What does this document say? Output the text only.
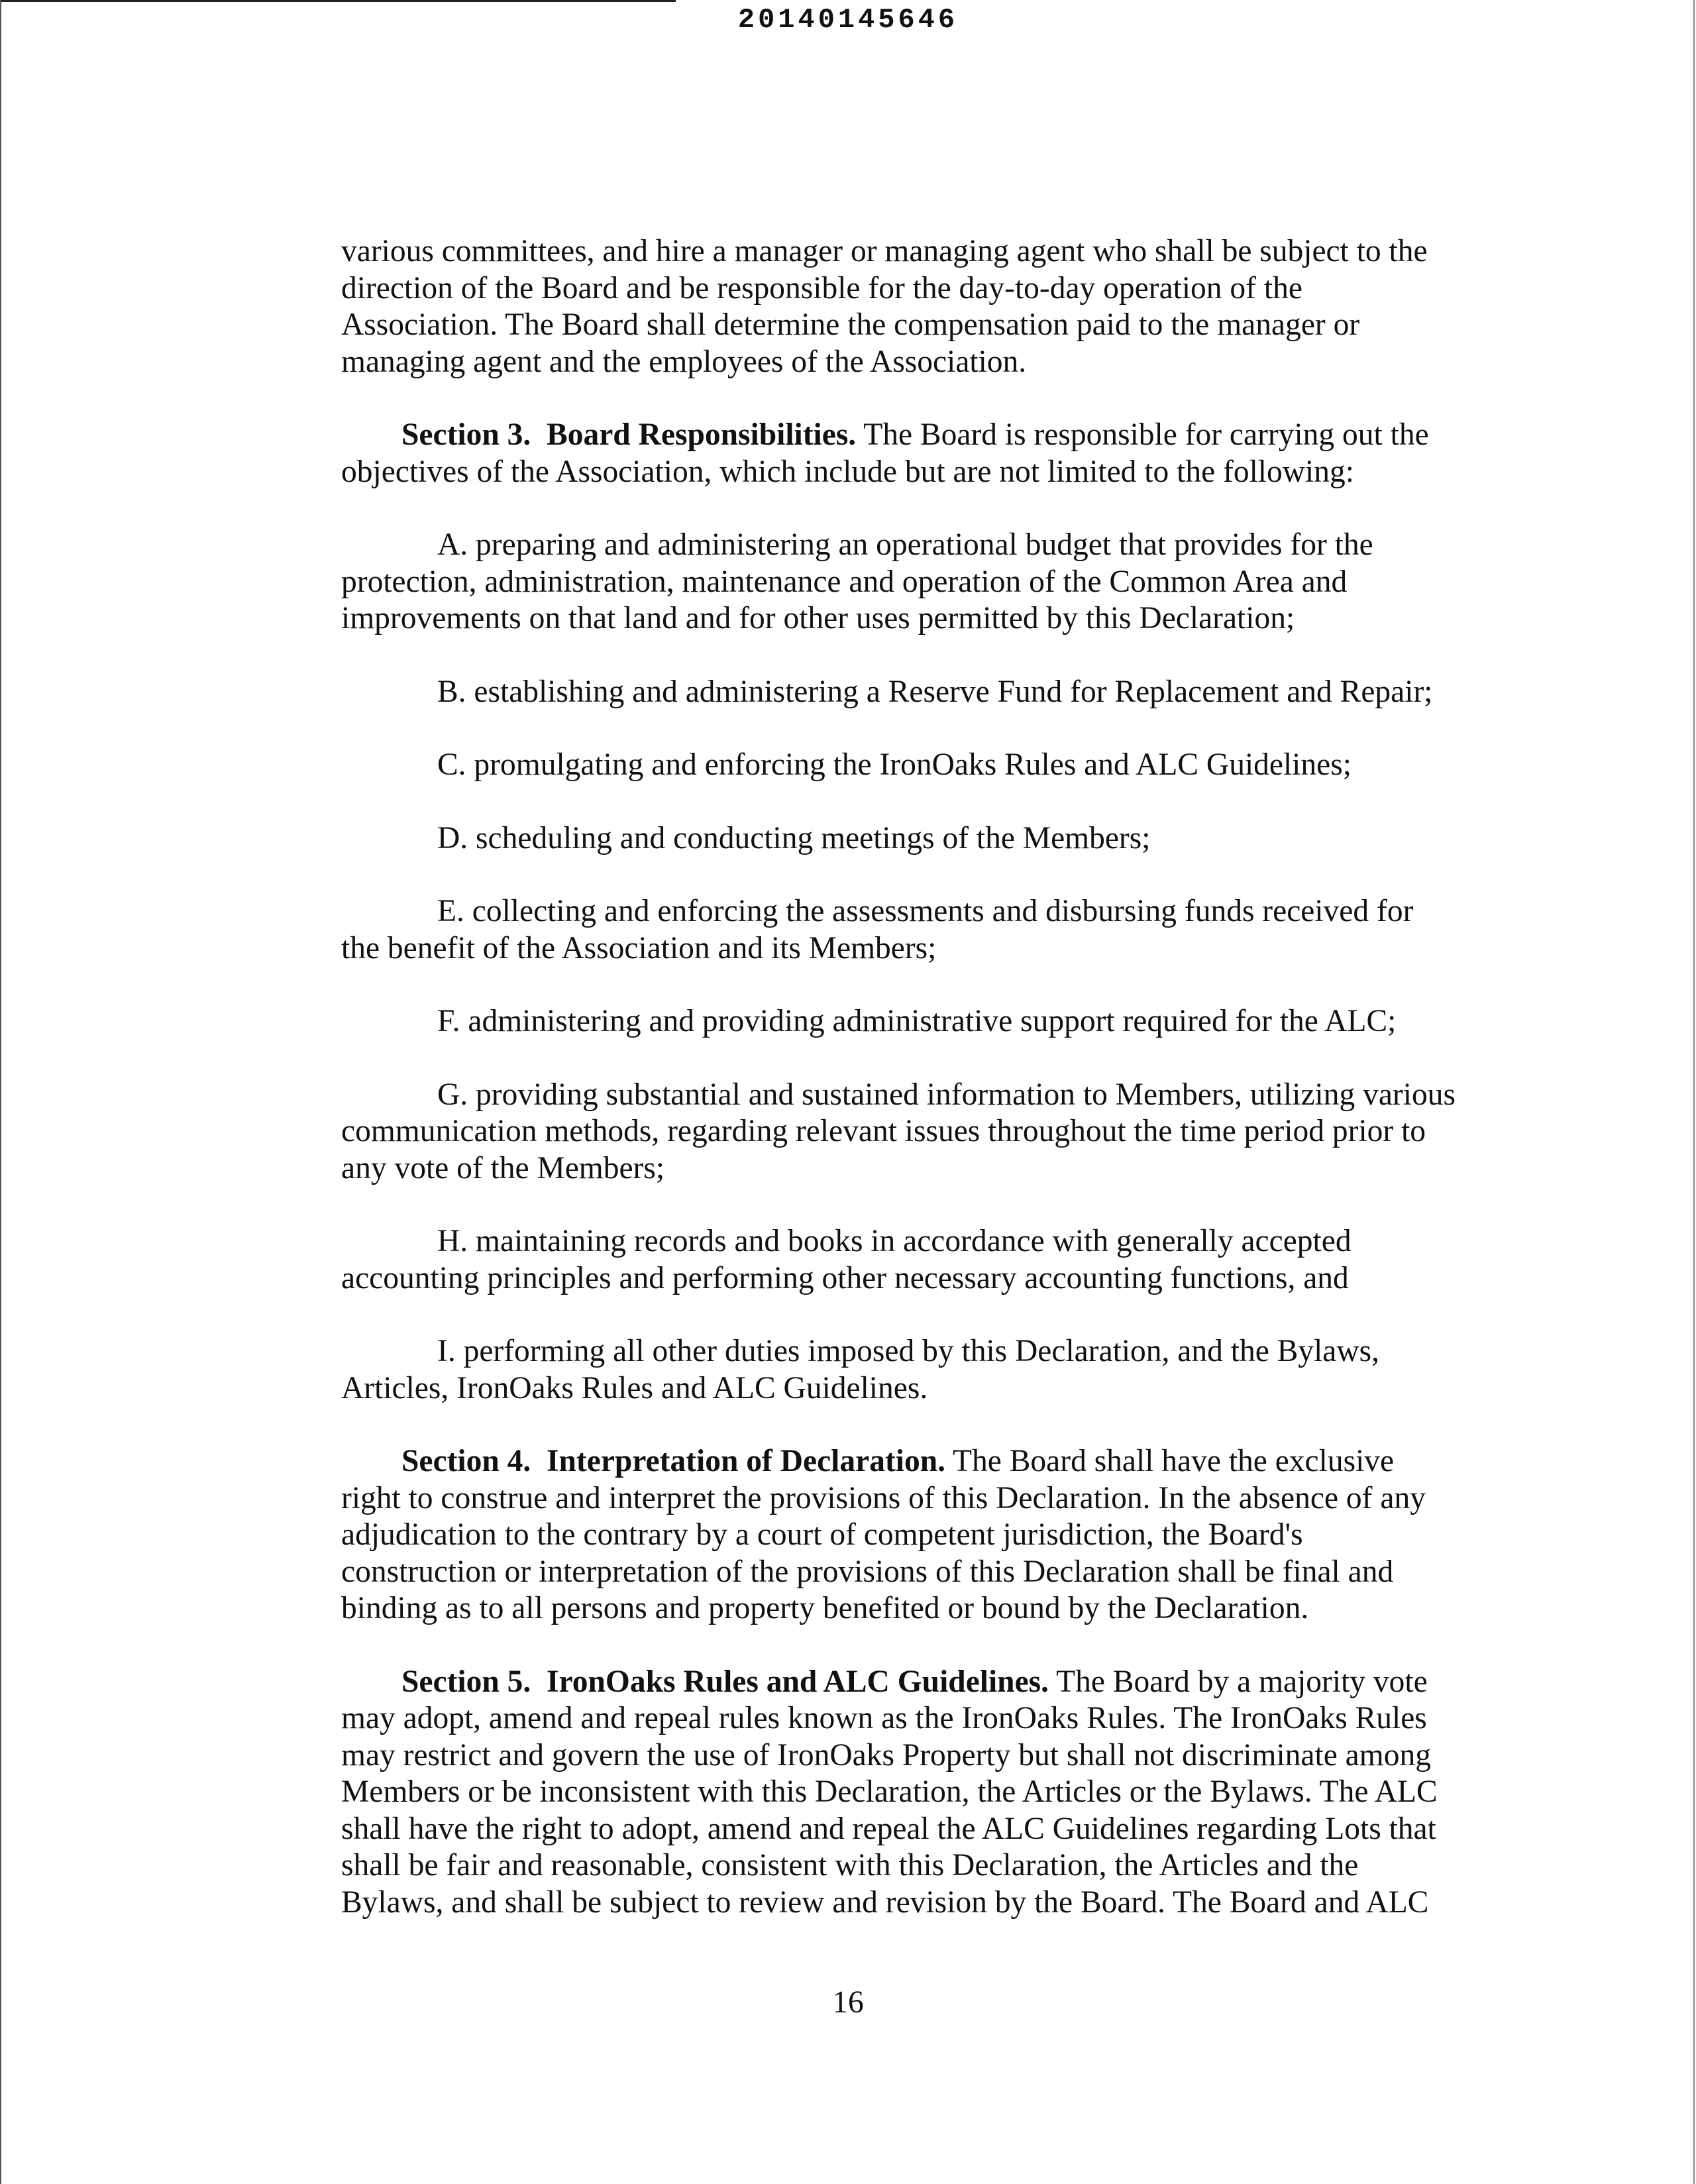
20140145646

various committees, and hire a manager or managing agent who shall be subject to the
direction of the Board and be responsible for the day-to-day operation of the
Association. The Board shall determine the compensation paid to the manager or
managing agent and the employees of the Association.

Section 3. Board Responsibilities. The Board is responsible for carrying out the
objectives of the Association, which include but are not limited to the following:

A. preparing and administering an operational budget that provides for the
protection, administration, maintenance and operation of the Common Area and
improvements on that land and for other uses permitted by this Declaration;

B. establishing and administering a Reserve Fund for Replacement and Repair;

C. promulgating and enforcing the IronOaks Rules and ALC Guidelines;

D. scheduling and conducting meetings of the Members;

E. collecting and enforcing the assessments and disbursing funds received for
the benefit of the Association and its Members;

F. administering and providing administrative support required for the ALC;

G. providing substantial and sustained information to Members, utilizing various
communication methods, regarding relevant issues throughout the time period prior to
any vote of the Members;

H. maintaining records and books in accordance with generally accepted
accounting principles and performing other necessary accounting functions, and

I. performing all other duties imposed by this Declaration, and the Bylaws,
Articles, IronOaks Rules and ALC Guidelines.

Section 4. Interpretation of Declaration. The Board shall have the exclusive
right to construe and interpret the provisions of this Declaration. In the absence of any
adjudication to the contrary by a court of competent jurisdiction, the Board's
construction or interpretation of the provisions of this Declaration shall be final and
binding as to all persons and property benefited or bound by the Declaration.

Section 5. IronOaks Rules and ALC Guidelines. The Board by a majority vote
may adopt, amend and repeal rules known as the IronOaks Rules. The IronOaks Rules
may restrict and govern the use of IronOaks Property but shall not discriminate among
Members or be inconsistent with this Declaration, the Articles or the Bylaws. The ALC
shall have the right to adopt, amend and repeal the ALC Guidelines regarding Lots that
shall be fair and reasonable, consistent with this Declaration, the Articles and the
Bylaws, and shall be subject to review and revision by the Board. The Board and ALC

16
